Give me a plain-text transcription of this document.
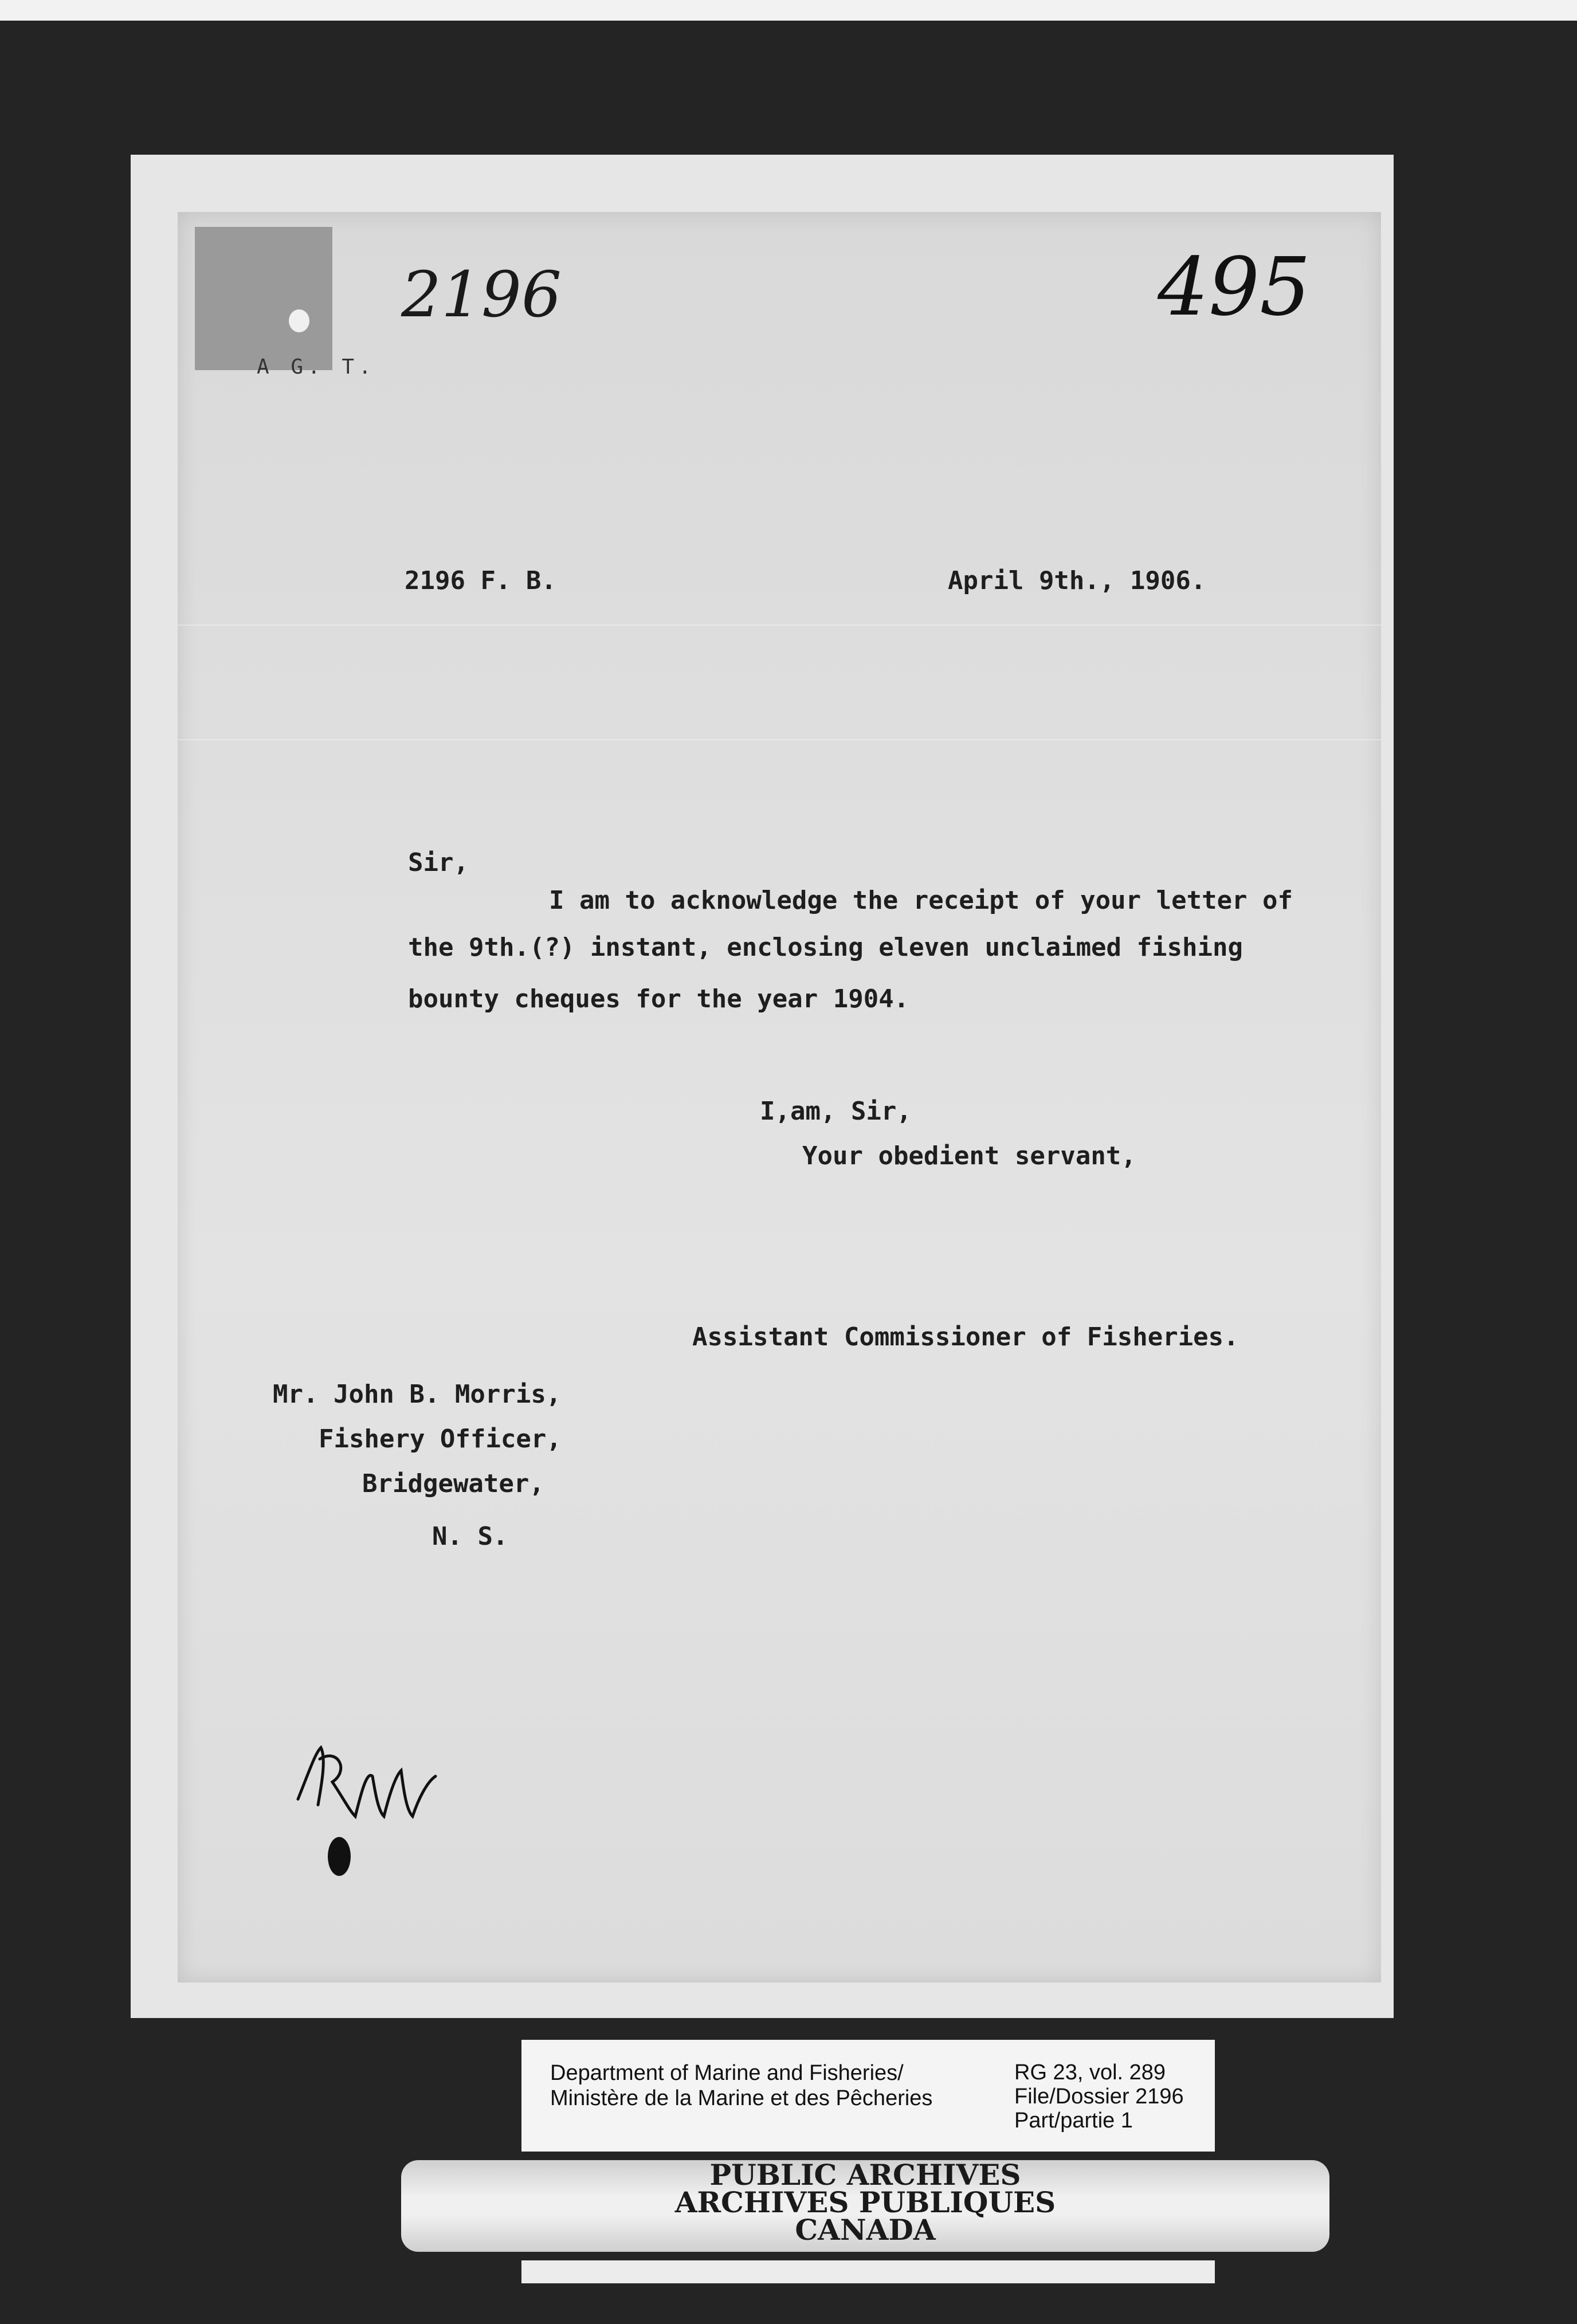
A G. T.
2196	495
2196 F. B.	April 9th., 1906.
Sir,
I am to acknowledge the receipt of your letter of
the 9th.(?) instant, enclosing eleven unclaimed fishing
bounty cheques for the year 1904.
I,am, Sir,
Your obedient servant,
Assistant Commissioner of Fisheries.
Mr. John B. Morris,
Fishery Officer,
Bridgewater,
N. S.
Department of Marine and Fisheries/
Ministère de la Marine et des Pêcheries
RG 23, vol. 289
File/Dossier 2196
Part/partie 1
PUBLIC ARCHIVES
ARCHIVES PUBLIQUES
CANADA
